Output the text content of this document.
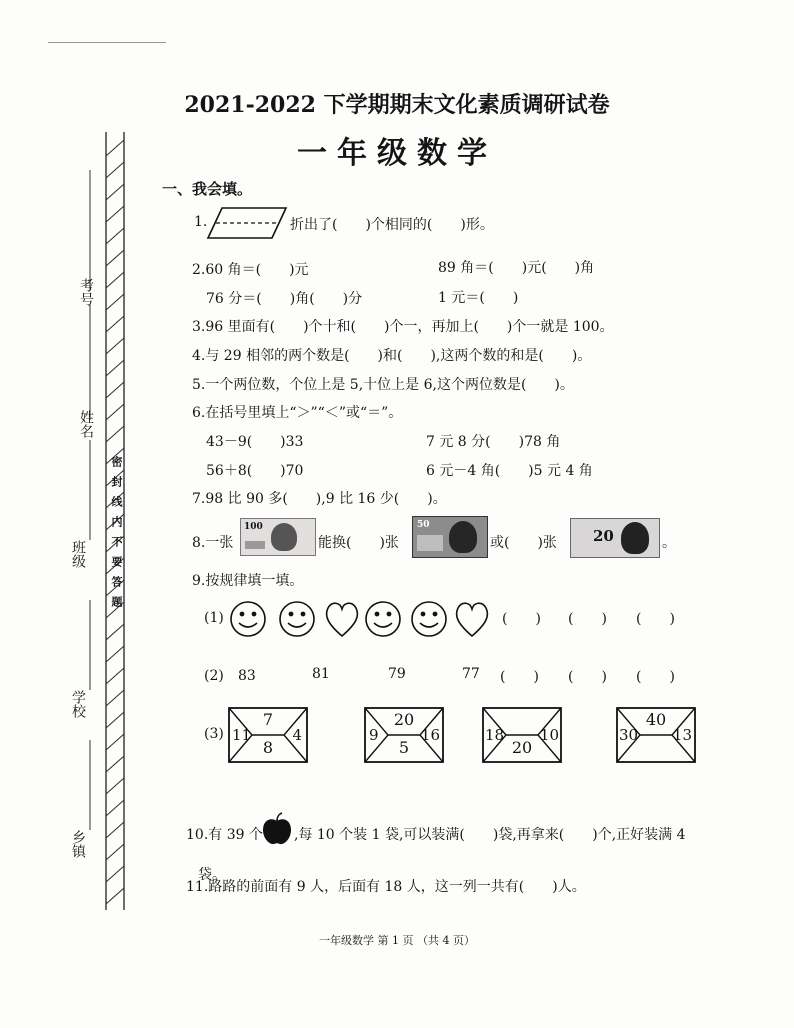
2021-2022 下学期期末文化素质调研试卷
一年级数学
考号
姓名
班级
学校
乡镇
密封线内不要答题
一、我会填。
1.	折出了(　　)个相同的(　　)形。
2.60 角＝(　　)元	89 角＝(　　)元(　　)角
76 分＝(　　)角(　　)分	1 元＝(　　)
3.96 里面有(　　)个十和(　　)个一，再加上(　　)个一就是 100。
4.与 29 相邻的两个数是(　　)和(　　),这两个数的和是(　　)。
5.一个两位数，个位上是 5,十位上是 6,这个两位数是(　　)。
6.在括号里填上“＞”“＜”或“＝”。
43－9(　　)33	7 元 8 分(　　)78 角
56＋8(　　)70	6 元－4 角(　　)5 元 4 角
7.98 比 90 多(　　),9 比 16 少(　　)。
8.一张
100
能换(　　)张
50
或(　　)张 20	。
9.按规律填一填。
(1)	(　　) (　　) (　　)
(2) 83	81	79	77 (　　) (　　) (　　)
(3)
7
8
11	4
20
5
9	16
20
18 10
40
30 13
10.有 39 个 ,每 10 个装 1 袋,可以装满(　　)袋,再拿来(　　)个,正好装满 4
袋。
11.路路的前面有 9 人，后面有 18 人，这一列一共有(　　)人。
一年级数学 第 1 页 （共 4 页）
